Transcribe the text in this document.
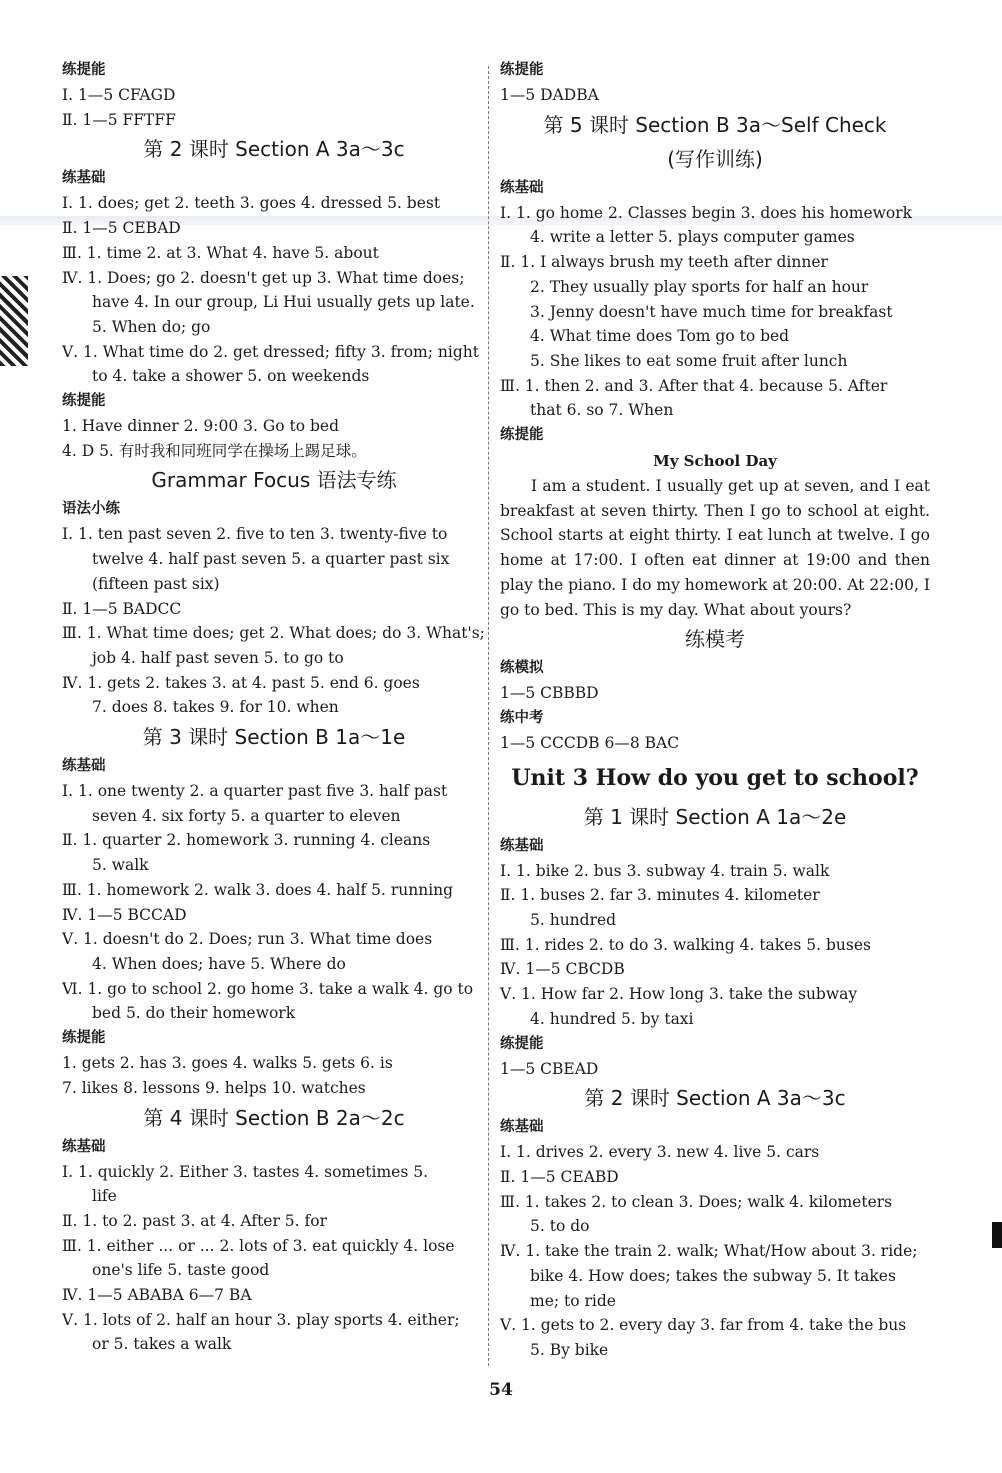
练提能
Ⅰ. 1—5 CFAGD
Ⅱ. 1—5 FFTFF
第 2 课时 Section A 3a～3c
练基础
Ⅰ. 1. does; get 2. teeth 3. goes 4. dressed 5. best
Ⅱ. 1—5 CEBAD
Ⅲ. 1. time 2. at 3. What 4. have 5. about
Ⅳ. 1. Does; go 2. doesn't get up 3. What time does;
have 4. In our group, Li Hui usually gets up late.
5. When do; go
Ⅴ. 1. What time do 2. get dressed; fifty 3. from; night
to 4. take a shower 5. on weekends
练提能
1. Have dinner 2. 9:00 3. Go to bed
4. D 5. 有时我和同班同学在操场上踢足球。
Grammar Focus 语法专练
语法小练
Ⅰ. 1. ten past seven 2. five to ten 3. twenty-five to
twelve 4. half past seven 5. a quarter past six
(fifteen past six)
Ⅱ. 1—5 BADCC
Ⅲ. 1. What time does; get 2. What does; do 3. What's;
job 4. half past seven 5. to go to
Ⅳ. 1. gets 2. takes 3. at 4. past 5. end 6. goes
7. does 8. takes 9. for 10. when
第 3 课时 Section B 1a～1e
练基础
Ⅰ. 1. one twenty 2. a quarter past five 3. half past
seven 4. six forty 5. a quarter to eleven
Ⅱ. 1. quarter 2. homework 3. running 4. cleans
5. walk
Ⅲ. 1. homework 2. walk 3. does 4. half 5. running
Ⅳ. 1—5 BCCAD
Ⅴ. 1. doesn't do 2. Does; run 3. What time does
4. When does; have 5. Where do
Ⅵ. 1. go to school 2. go home 3. take a walk 4. go to
bed 5. do their homework
练提能
1. gets 2. has 3. goes 4. walks 5. gets 6. is
7. likes 8. lessons 9. helps 10. watches
第 4 课时 Section B 2a～2c
练基础
Ⅰ. 1. quickly 2. Either 3. tastes 4. sometimes 5.
life
Ⅱ. 1. to 2. past 3. at 4. After 5. for
Ⅲ. 1. either ... or ... 2. lots of 3. eat quickly 4. lose
one's life 5. taste good
Ⅳ. 1—5 ABABA 6—7 BA
Ⅴ. 1. lots of 2. half an hour 3. play sports 4. either;
or 5. takes a walk
练提能
1—5 DADBA
第 5 课时 Section B 3a～Self Check
(写作训练)
练基础
Ⅰ. 1. go home 2. Classes begin 3. does his homework
4. write a letter 5. plays computer games
Ⅱ. 1. I always brush my teeth after dinner
2. They usually play sports for half an hour
3. Jenny doesn't have much time for breakfast
4. What time does Tom go to bed
5. She likes to eat some fruit after lunch
Ⅲ. 1. then 2. and 3. After that 4. because 5. After
that 6. so 7. When
练提能
My School Day

I am a student. I usually get up at seven, and I eat breakfast at seven thirty. Then I go to school at eight. School starts at eight thirty. I eat lunch at twelve. I go home at 17:00. I often eat dinner at 19:00 and then play the piano. I do my homework at 20:00. At 22:00, I go to bed. This is my day. What about yours?

练模考
练模拟
1—5 CBBBD
练中考
1—5 CCCDB 6—8 BAC
Unit 3 How do you get to school?
第 1 课时 Section A 1a～2e
练基础
Ⅰ. 1. bike 2. bus 3. subway 4. train 5. walk
Ⅱ. 1. buses 2. far 3. minutes 4. kilometer
5. hundred
Ⅲ. 1. rides 2. to do 3. walking 4. takes 5. buses
Ⅳ. 1—5 CBCDB
Ⅴ. 1. How far 2. How long 3. take the subway
4. hundred 5. by taxi
练提能
1—5 CBEAD
第 2 课时 Section A 3a～3c
练基础
Ⅰ. 1. drives 2. every 3. new 4. live 5. cars
Ⅱ. 1—5 CEABD
Ⅲ. 1. takes 2. to clean 3. Does; walk 4. kilometers
5. to do
Ⅳ. 1. take the train 2. walk; What/How about 3. ride;
bike 4. How does; takes the subway 5. It takes
me; to ride
Ⅴ. 1. gets to 2. every day 3. far from 4. take the bus
5. By bike
54
